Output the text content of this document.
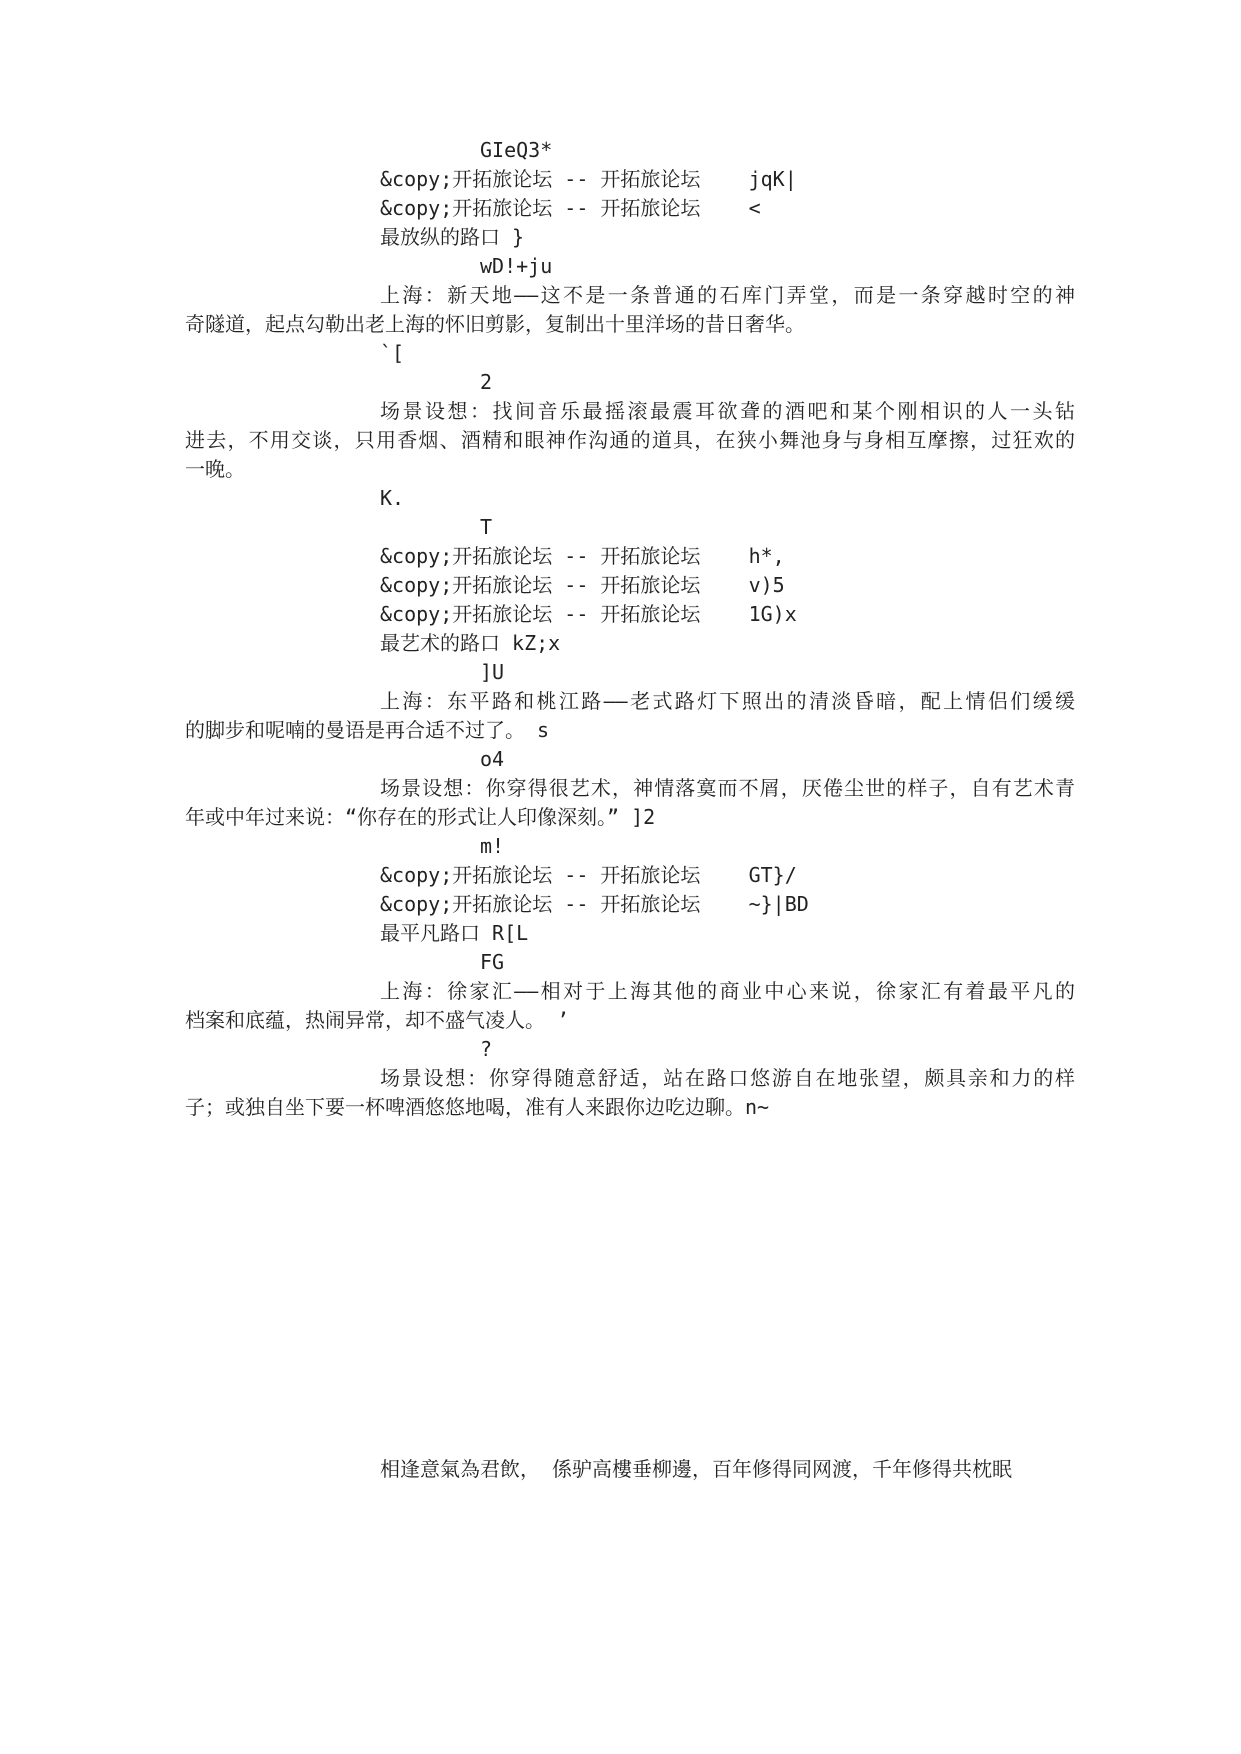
GIeQ3*

&copy;开拓旅论坛 -- 开拓旅论坛    jqK|

&copy;开拓旅论坛 -- 开拓旅论坛    <

最放纵的路口 }

wD!+ju

上海：新天地——这不是一条普通的石库门弄堂，而是一条穿越时空的神

奇隧道，起点勾勒出老上海的怀旧剪影，复制出十里洋场的昔日奢华。

`[

2

场景设想：找间音乐最摇滚最震耳欲聋的酒吧和某个刚相识的人一头钻

进去，不用交谈，只用香烟、酒精和眼神作沟通的道具，在狭小舞池身与身相互摩擦，过狂欢的

一晚。

K.

T

&copy;开拓旅论坛 -- 开拓旅论坛    h*,

&copy;开拓旅论坛 -- 开拓旅论坛    v)5

&copy;开拓旅论坛 -- 开拓旅论坛    1G)x

最艺术的路口 kZ;x

]U

上海：东平路和桃江路——老式路灯下照出的清淡昏暗，配上情侣们缓缓

的脚步和呢喃的曼语是再合适不过了。 s

o4

场景设想：你穿得很艺术，神情落寞而不屑，厌倦尘世的样子，自有艺术青

年或中年过来说：“你存在的形式让人印像深刻。” ]2

m!

&copy;开拓旅论坛 -- 开拓旅论坛    GT}/

&copy;开拓旅论坛 -- 开拓旅论坛    ~}|BD

最平凡路口 R[L

FG

上海：徐家汇——相对于上海其他的商业中心来说，徐家汇有着最平凡的

档案和底蕴，热闹异常，却不盛气凌人。 ’

?

场景设想：你穿得随意舒适，站在路口悠游自在地张望，颇具亲和力的样

子；或独自坐下要一杯啤酒悠悠地喝，准有人来跟你边吃边聊。n~

相逢意氣為君飲， 係驴高樓垂柳邊，百年修得同网渡，千年修得共枕眠
